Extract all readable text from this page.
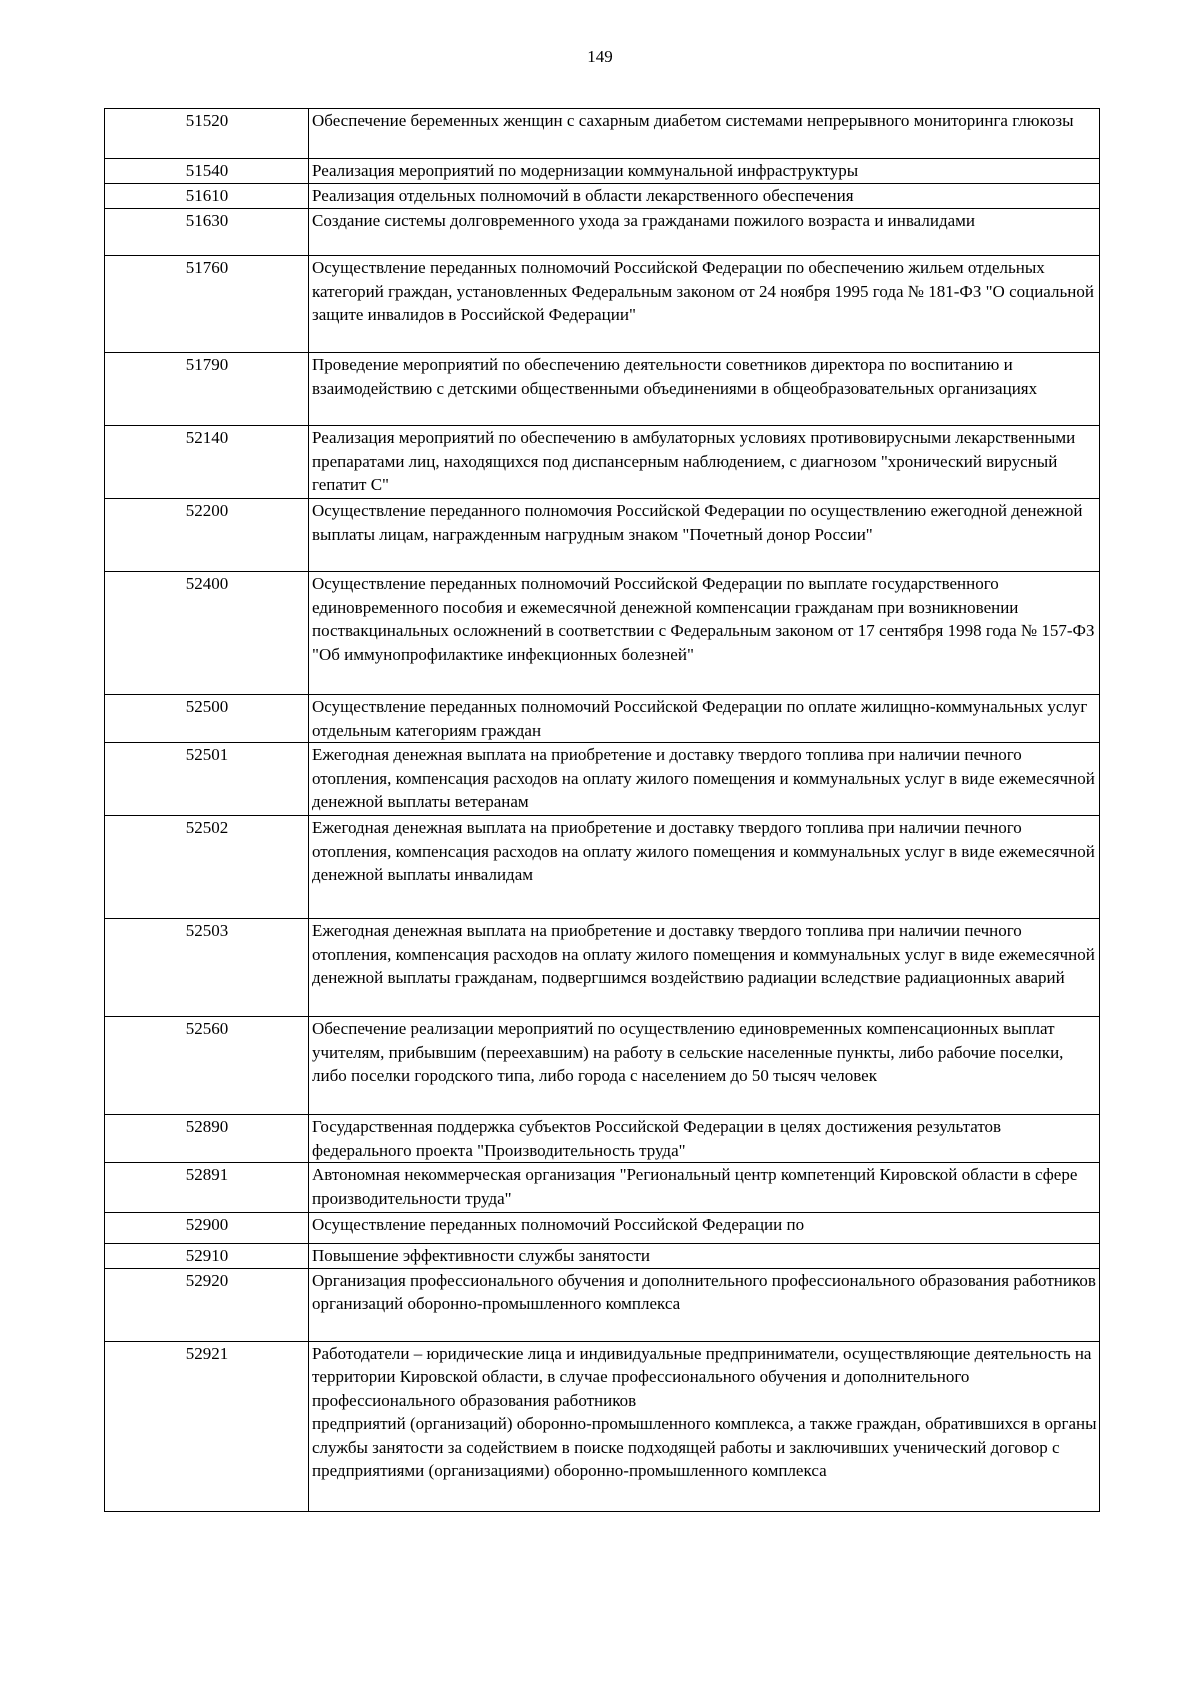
149
51520	Обеспечение беременных женщин с сахарным диабетом системами непрерывного мониторинга глюкозы
51540	Реализация мероприятий по модернизации коммунальной инфраструктуры
51610	Реализация отдельных полномочий в области лекарственного обеспечения
51630	Создание системы долговременного ухода за гражданами пожилого возраста и инвалидами
51760	Осуществление переданных полномочий Российской Федерации по обеспечению жильем отдельных категорий граждан, установленных Федеральным законом от 24 ноября 1995 года № 181-ФЗ "О социальной защите инвалидов в Российской Федерации"
51790	Проведение мероприятий по обеспечению деятельности советников директора по воспитанию и взаимодействию с детскими общественными объединениями в общеобразовательных организациях
52140	Реализация мероприятий по обеспечению в амбулаторных условиях противовирусными лекарственными препаратами лиц, находящихся под диспансерным наблюдением, с диагнозом "хронический вирусный гепатит С"
52200	Осуществление переданного полномочия Российской Федерации по осуществлению ежегодной денежной выплаты лицам, награжденным нагрудным знаком "Почетный донор России"
52400	Осуществление переданных полномочий Российской Федерации по выплате государственного единовременного пособия и ежемесячной денежной компенсации гражданам при возникновении поствакцинальных осложнений в соответствии с Федеральным законом от 17 сентября 1998 года № 157-ФЗ "Об иммунопрофилактике инфекционных болезней"
52500	Осуществление переданных полномочий Российской Федерации по оплате жилищно-коммунальных услуг отдельным категориям граждан
52501	Ежегодная денежная выплата на приобретение и доставку твердого топлива при наличии печного отопления, компенсация расходов на оплату жилого помещения и коммунальных услуг в виде ежемесячной денежной выплаты ветеранам
52502	Ежегодная денежная выплата на приобретение и доставку твердого топлива при наличии печного отопления, компенсация расходов на оплату жилого помещения и коммунальных услуг в виде ежемесячной денежной выплаты инвалидам
52503	Ежегодная денежная выплата на приобретение и доставку твердого топлива при наличии печного отопления, компенсация расходов на оплату жилого помещения и коммунальных услуг в виде ежемесячной денежной выплаты гражданам, подвергшимся воздействию радиации вследствие радиационных аварий
52560	Обеспечение реализации мероприятий по осуществлению единовременных компенсационных выплат учителям, прибывшим (переехавшим) на работу в сельские населенные пункты, либо рабочие поселки, либо поселки городского типа, либо города с населением до 50 тысяч человек
52890	Государственная поддержка субъектов Российской Федерации в целях достижения результатов федерального проекта "Производительность труда"
52891	Автономная некоммерческая организация "Региональный центр компетенций Кировской области в сфере производительности труда"
52900	Осуществление переданных полномочий Российской Федерации по
52910	Повышение эффективности службы занятости
52920	Организация профессионального обучения и дополнительного профессионального образования работников организаций оборонно-промышленного комплекса
52921	Работодатели – юридические лица и индивидуальные предприниматели, осуществляющие деятельность на территории Кировской области, в случае профессионального обучения и дополнительного профессионального образования работников
предприятий (организаций) оборонно-промышленного комплекса, а также граждан, обратившихся в органы службы занятости за содействием в поиске подходящей работы и заключивших ученический договор с предприятиями (организациями) оборонно-промышленного комплекса
